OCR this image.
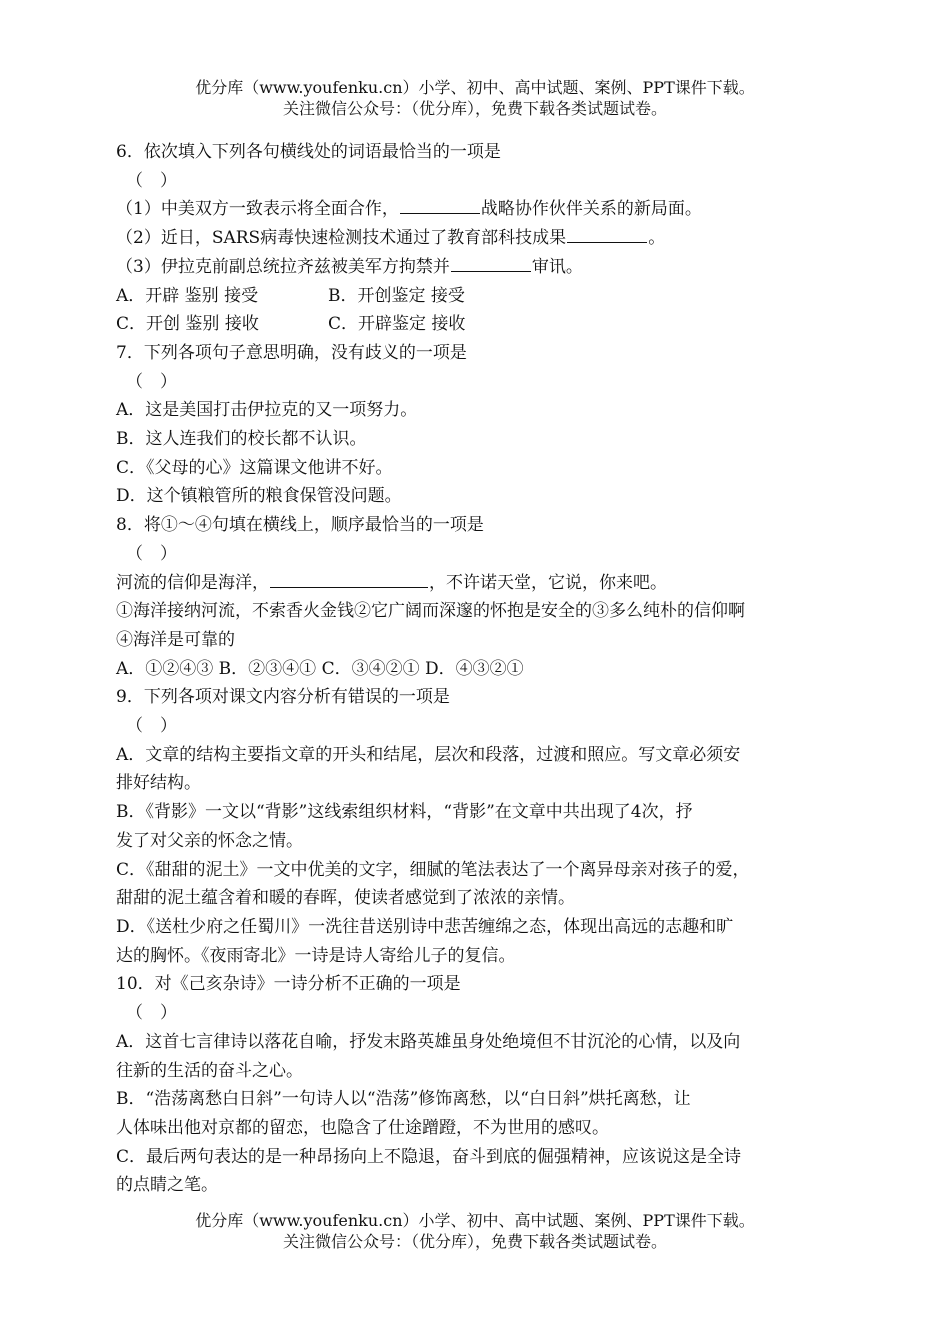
优分库（www.youfenku.cn）小学、初中、高中试题、案例、PPT课件下载。
关注微信公众号：（优分库），免费下载各类试题试卷。
6．依次填入下列各句横线处的词语最恰当的一项是
（　）
（1）中美双方一致表示将全面合作，	战略协作伙伴关系的新局面。
（2）近日，SARS病毒快速检测技术通过了教育部科技成果	。
（3）伊拉克前副总统拉齐兹被美军方拘禁并	审讯。
A．开辟 鉴别 接受	B．开创鉴定 接受
C．开创 鉴别 接收	C．开辟鉴定 接收
7．下列各项句子意思明确，没有歧义的一项是
（　）
A．这是美国打击伊拉克的又一项努力。
B．这人连我们的校长都不认识。
C．《父母的心》这篇课文他讲不好。
D．这个镇粮管所的粮食保管没问题。
8．将①～④句填在横线上，顺序最恰当的一项是
（　）
河流的信仰是海洋，	，不许诺天堂，它说，你来吧。
①海洋接纳河流，不索香火金钱②它广阔而深邃的怀抱是安全的③多么纯朴的信仰啊
④海洋是可靠的
A．①②④③ B．②③④① C．③④②① D．④③②①
9．下列各项对课文内容分析有错误的一项是
（　）
A．文章的结构主要指文章的开头和结尾，层次和段落，过渡和照应。写文章必须安
排好结构。
B．《背影》一文以“背影”这线索组织材料，“背影”在文章中共出现了4次，抒
发了对父亲的怀念之情。
C．《甜甜的泥土》一文中优美的文字，细腻的笔法表达了一个离异母亲对孩子的爱，
甜甜的泥土蕴含着和暖的春晖，使读者感觉到了浓浓的亲情。
D．《送杜少府之任蜀川》一洗往昔送别诗中悲苦缠绵之态，体现出高远的志趣和旷
达的胸怀。《夜雨寄北》一诗是诗人寄给儿子的复信。
10．对《己亥杂诗》一诗分析不正确的一项是
（　）
A．这首七言律诗以落花自喻，抒发末路英雄虽身处绝境但不甘沉沦的心情，以及向
往新的生活的奋斗之心。
B．“浩荡离愁白日斜”一句诗人以“浩荡”修饰离愁，以“白日斜”烘托离愁，让
人体味出他对京都的留恋，也隐含了仕途蹭蹬，不为世用的感叹。
C．最后两句表达的是一种昂扬向上不隐退，奋斗到底的倔强精神，应该说这是全诗
的点睛之笔。
优分库（www.youfenku.cn）小学、初中、高中试题、案例、PPT课件下载。
关注微信公众号：（优分库），免费下载各类试题试卷。
